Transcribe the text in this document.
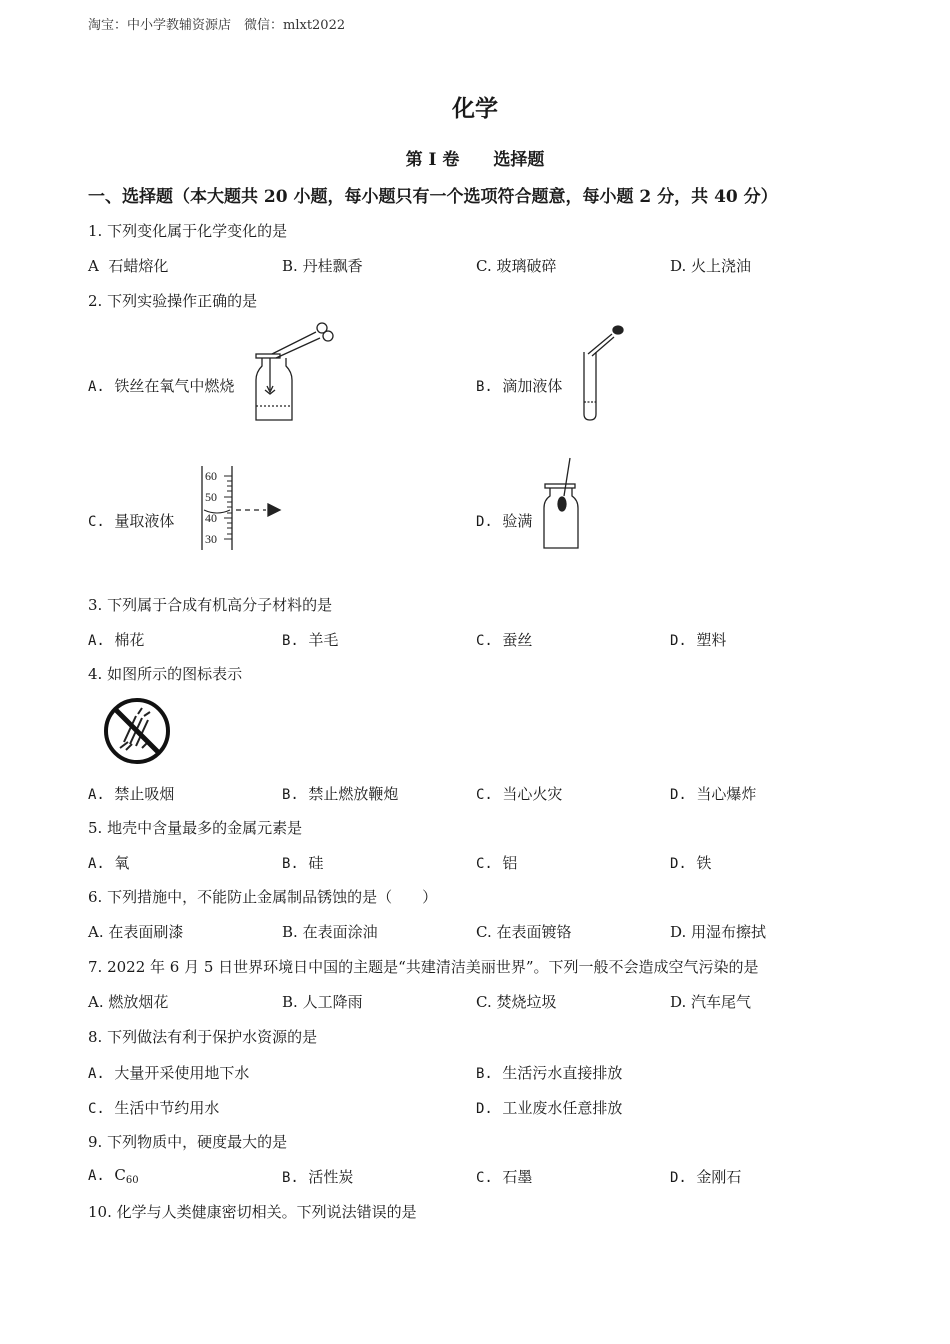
淘宝：中小学教辅资源店　微信：mlxt2022
化学
第 I 卷 选择题
一、选择题（本大题共 20 小题，每小题只有一个选项符合题意，每小题 2 分，共 40 分）
1. 下列变化属于化学变化的是
A 石蜡熔化	B. 丹桂飘香	C. 玻璃破碎	D. 火上浇油
2. 下列实验操作正确的是
A. 铁丝在氧气中燃烧	B. 滴加液体
C. 量取液体
60
50
40
30
D. 验满
3. 下列属于合成有机高分子材料的是
A. 棉花	B. 羊毛	C. 蚕丝	D. 塑料
4. 如图所示的图标表示
A. 禁止吸烟	B. 禁止燃放鞭炮	C. 当心火灾	D. 当心爆炸
5. 地壳中含量最多的金属元素是
A. 氧	B. 硅	C. 铝	D. 铁
6. 下列措施中，不能防止金属制品锈蚀的是（　　）
A. 在表面刷漆	B. 在表面涂油	C. 在表面镀铬	D. 用湿布擦拭
7. 2022 年 6 月 5 日世界环境日中国的主题是“共建清洁美丽世界”。下列一般不会造成空气污染的是
A. 燃放烟花	B. 人工降雨	C. 焚烧垃圾	D. 汽车尾气
8. 下列做法有利于保护水资源的是
A. 大量开采使用地下水	B. 生活污水直接排放
C. 生活中节约用水	D. 工业废水任意排放
9. 下列物质中，硬度最大的是
A. $C_{60}$	B. 活性炭	C. 石墨	D. 金刚石
10. 化学与人类健康密切相关。下列说法错误的是
